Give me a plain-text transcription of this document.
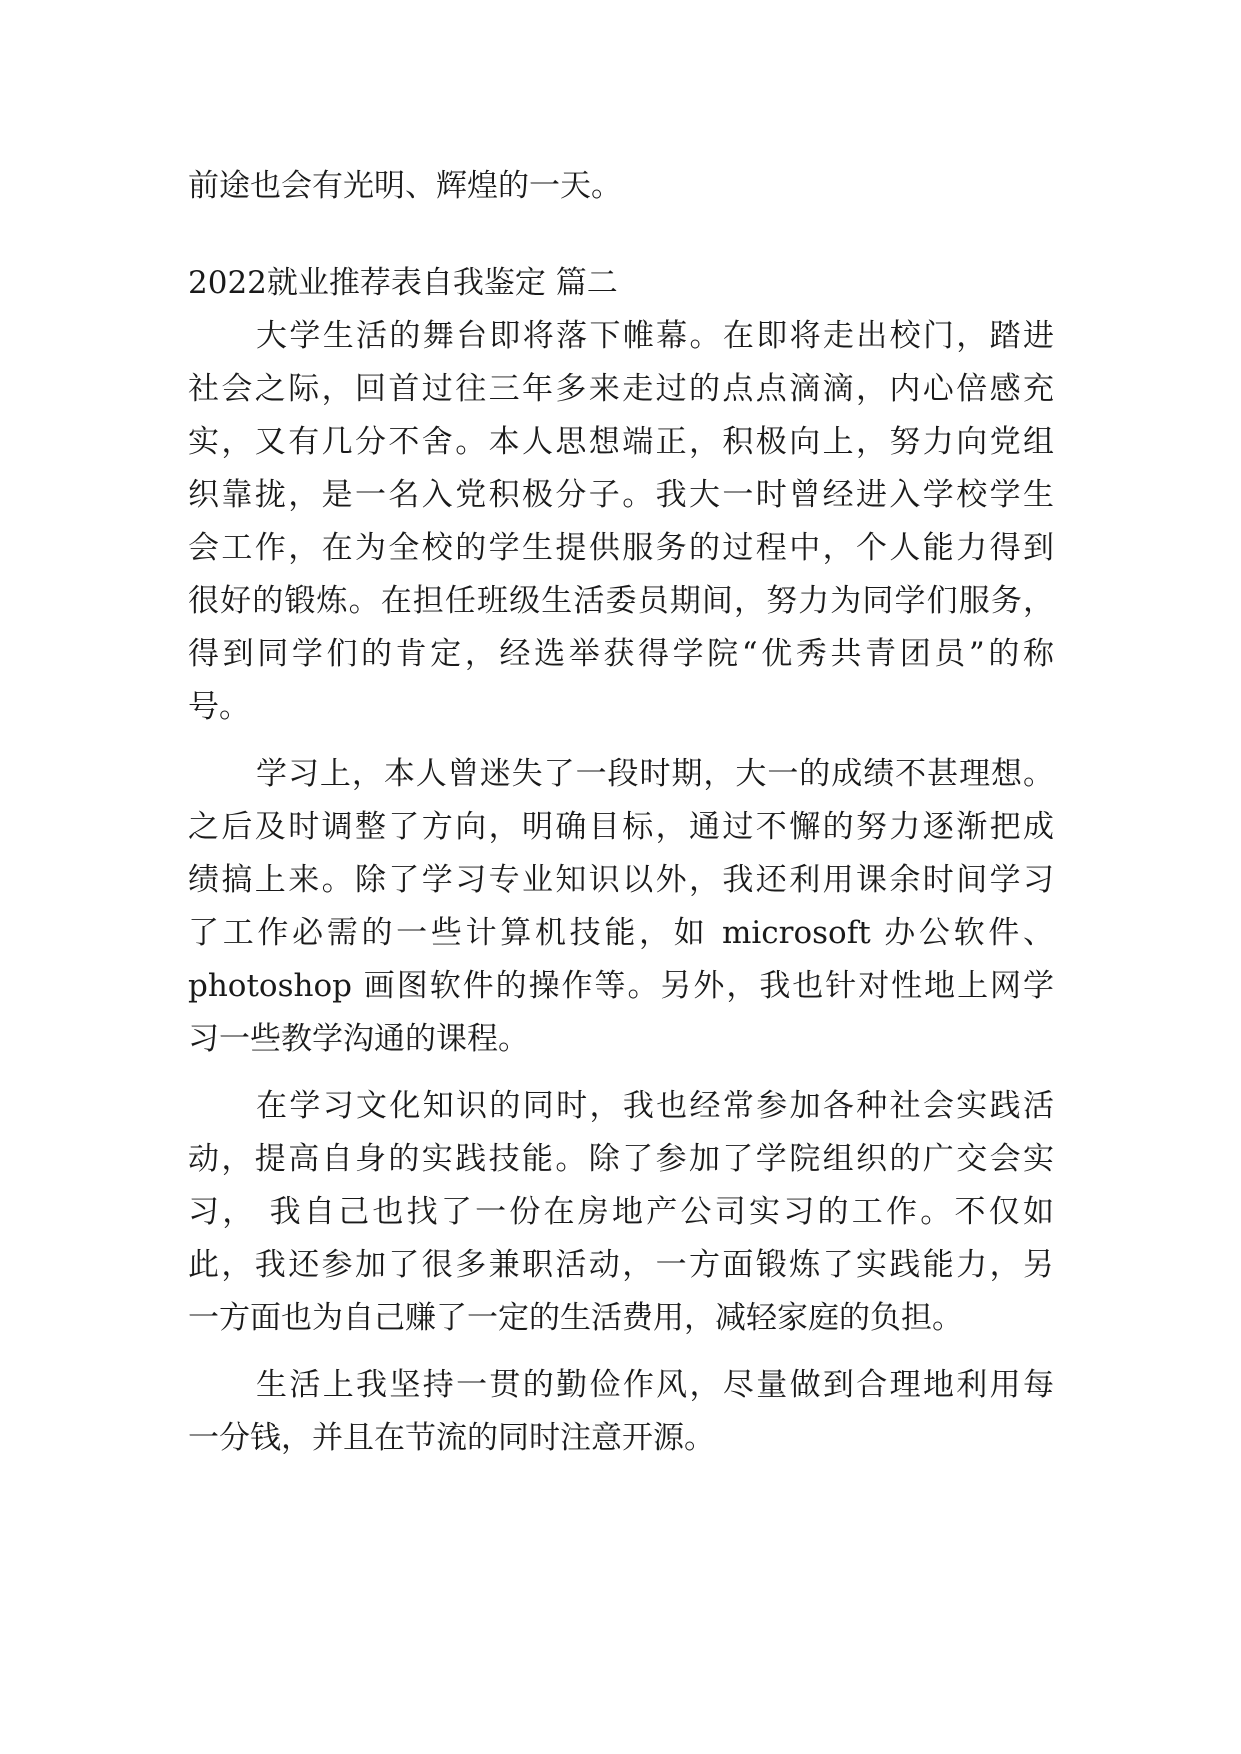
前途也会有光明、辉煌的一天。
2022就业推荐表自我鉴定 篇二
大学生活的舞台即将落下帷幕。在即将走出校门，踏进
社会之际，回首过往三年多来走过的点点滴滴，内心倍感充
实，又有几分不舍。本人思想端正，积极向上，努力向党组
织靠拢，是一名入党积极分子。我大一时曾经进入学校学生
会工作，在为全校的学生提供服务的过程中，个人能力得到
很好的锻炼。在担任班级生活委员期间，努力为同学们服务，
得到同学们的肯定，经选举获得学院“优秀共青团员”的称
号。
学习上，本人曾迷失了一段时期，大一的成绩不甚理想。
之后及时调整了方向，明确目标，通过不懈的努力逐渐把成
绩搞上来。除了学习专业知识以外，我还利用课余时间学习
了工作必需的一些计算机技能，如 microsoft 办公软件、
photoshop 画图软件的操作等。另外，我也针对性地上网学
习一些教学沟通的课程。
在学习文化知识的同时，我也经常参加各种社会实践活
动，提高自身的实践技能。除了参加了学院组织的广交会实
习， 我自己也找了一份在房地产公司实习的工作。不仅如
此，我还参加了很多兼职活动，一方面锻炼了实践能力，另
一方面也为自己赚了一定的生活费用，减轻家庭的负担。
生活上我坚持一贯的勤俭作风，尽量做到合理地利用每
一分钱，并且在节流的同时注意开源。
